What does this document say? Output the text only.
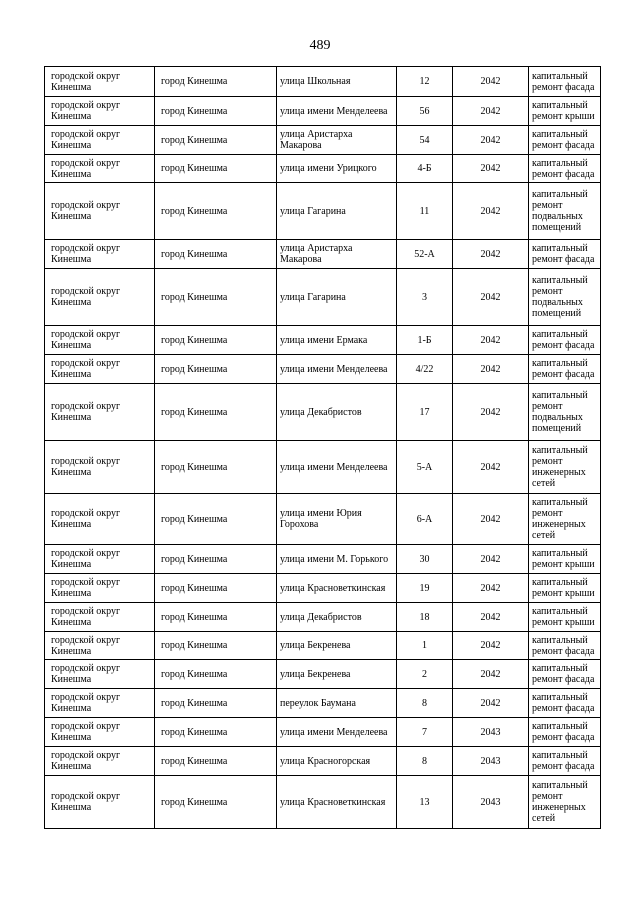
489
городской округ Кинешма	город Кинешма	улица Школьная	12	2042	капитальный ремонт фасада
городской округ Кинешма	город Кинешма	улица имени Менделеева	56	2042	капитальный ремонт крыши
городской округ Кинешма	город Кинешма	улица Аристарха Макарова	54	2042	капитальный ремонт фасада
городской округ Кинешма	город Кинешма	улица имени Урицкого	4-Б	2042	капитальный ремонт фасада
городской округ Кинешма	город Кинешма	улица Гагарина	11	2042	капитальный ремонт подвальных помещений
городской округ Кинешма	город Кинешма	улица Аристарха Макарова	52-А	2042	капитальный ремонт фасада
городской округ Кинешма	город Кинешма	улица Гагарина	3	2042	капитальный ремонт подвальных помещений
городской округ Кинешма	город Кинешма	улица имени Ермака	1-Б	2042	капитальный ремонт фасада
городской округ Кинешма	город Кинешма	улица имени Менделеева	4/22	2042	капитальный ремонт фасада
городской округ Кинешма	город Кинешма	улица Декабристов	17	2042	капитальный ремонт подвальных помещений
городской округ Кинешма	город Кинешма	улица имени Менделеева	5-А	2042	капитальный ремонт инженерных сетей
городской округ Кинешма	город Кинешма	улица имени Юрия Горохова	6-А	2042	капитальный ремонт инженерных сетей
городской округ Кинешма	город Кинешма	улица имени М. Горького	30	2042	капитальный ремонт крыши
городской округ Кинешма	город Кинешма	улица Красноветкинская	19	2042	капитальный ремонт крыши
городской округ Кинешма	город Кинешма	улица Декабристов	18	2042	капитальный ремонт крыши
городской округ Кинешма	город Кинешма	улица Бекренева	1	2042	капитальный ремонт фасада
городской округ Кинешма	город Кинешма	улица Бекренева	2	2042	капитальный ремонт фасада
городской округ Кинешма	город Кинешма	переулок Баумана	8	2042	капитальный ремонт фасада
городской округ Кинешма	город Кинешма	улица имени Менделеева	7	2043	капитальный ремонт фасада
городской округ Кинешма	город Кинешма	улица Красногорская	8	2043	капитальный ремонт фасада
городской округ Кинешма	город Кинешма	улица Красноветкинская	13	2043	капитальный ремонт инженерных сетей
